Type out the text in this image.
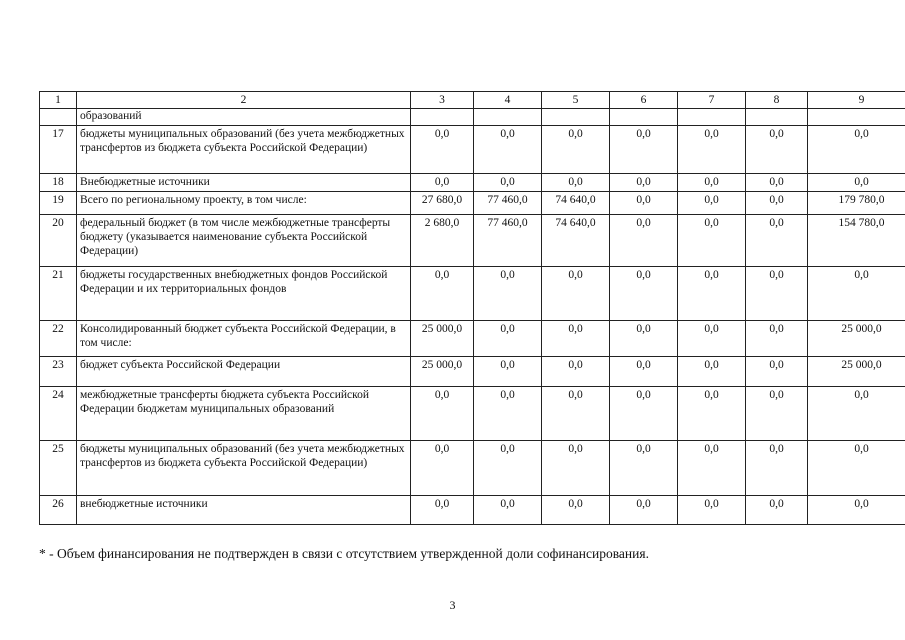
1	2	3	4	5	6	7	8	9
	образований							
17	бюджеты муниципальных образований (без учета межбюджетных трансфертов из бюджета субъекта Российской Федерации)	0,0	0,0	0,0	0,0	0,0	0,0	0,0
18	Внебюджетные источники	0,0	0,0	0,0	0,0	0,0	0,0	0,0
19	Всего по региональному проекту, в том числе:	27 680,0	77 460,0	74 640,0	0,0	0,0	0,0	179 780,0
20	федеральный бюджет (в том числе межбюджетные трансферты бюджету (указывается наименование субъекта Российской Федерации)	2 680,0	77 460,0	74 640,0	0,0	0,0	0,0	154 780,0
21	бюджеты государственных внебюджетных фондов Российской Федерации и их территориальных фондов	0,0	0,0	0,0	0,0	0,0	0,0	0,0
22	Консолидированный бюджет субъекта Российской Федерации, в том числе:	25 000,0	0,0	0,0	0,0	0,0	0,0	25 000,0
23	бюджет субъекта Российской Федерации	25 000,0	0,0	0,0	0,0	0,0	0,0	25 000,0
24	межбюджетные трансферты бюджета субъекта Российской Федерации бюджетам муниципальных образований	0,0	0,0	0,0	0,0	0,0	0,0	0,0
25	бюджеты муниципальных образований (без учета межбюджетных трансфертов из бюджета субъекта Российской Федерации)	0,0	0,0	0,0	0,0	0,0	0,0	0,0
26	внебюджетные источники	0,0	0,0	0,0	0,0	0,0	0,0	0,0
* - Объем финансирования не подтвержден в связи с отсутствием утвержденной доли софинансирования.
3
